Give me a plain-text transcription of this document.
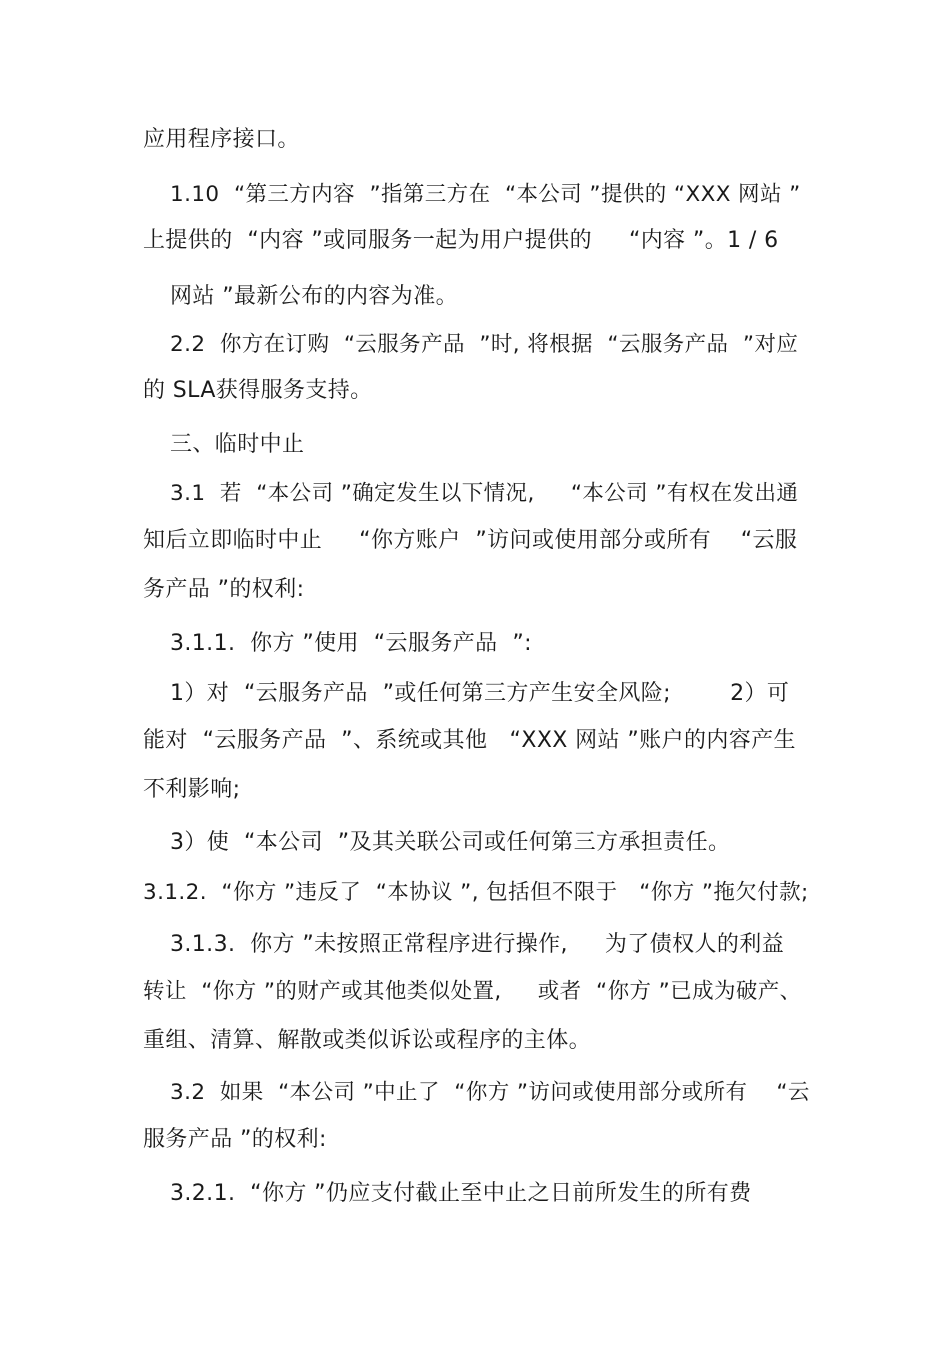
应用程序接口。
1.10  “第三方内容  ”指第三方在  “本公司 ”提供的 “XXX 网站 ”
上提供的  “内容 ”或同服务一起为用户提供的     “内容 ”。1 / 6
网站 ”最新公布的内容为准。
2.2  你方在订购  “云服务产品  ”时, 将根据  “云服务产品  ”对应
的 SLA获得服务支持。
三、临时中止
3.1  若  “本公司 ”确定发生以下情况,     “本公司 ”有权在发出通
知后立即临时中止     “你方账户  ”访问或使用部分或所有    “云服
务产品 ”的权利:
3.1.1.  你方 ”使用  “云服务产品  ”:
1）对  “云服务产品  ”或任何第三方产生安全风险;        2）可
能对  “云服务产品  ”、系统或其他   “XXX 网站 ”账户的内容产生
不利影响;
3）使  “本公司  ”及其关联公司或任何第三方承担责任。
3.1.2.  “你方 ”违反了  “本协议 ”, 包括但不限于   “你方 ”拖欠付款;
3.1.3.  你方 ”未按照正常程序进行操作,     为了债权人的利益
转让  “你方 ”的财产或其他类似处置,     或者  “你方 ”已成为破产、
重组、清算、解散或类似诉讼或程序的主体。
3.2  如果  “本公司 ”中止了  “你方 ”访问或使用部分或所有    “云
服务产品 ”的权利:
3.2.1.  “你方 ”仍应支付截止至中止之日前所发生的所有费
